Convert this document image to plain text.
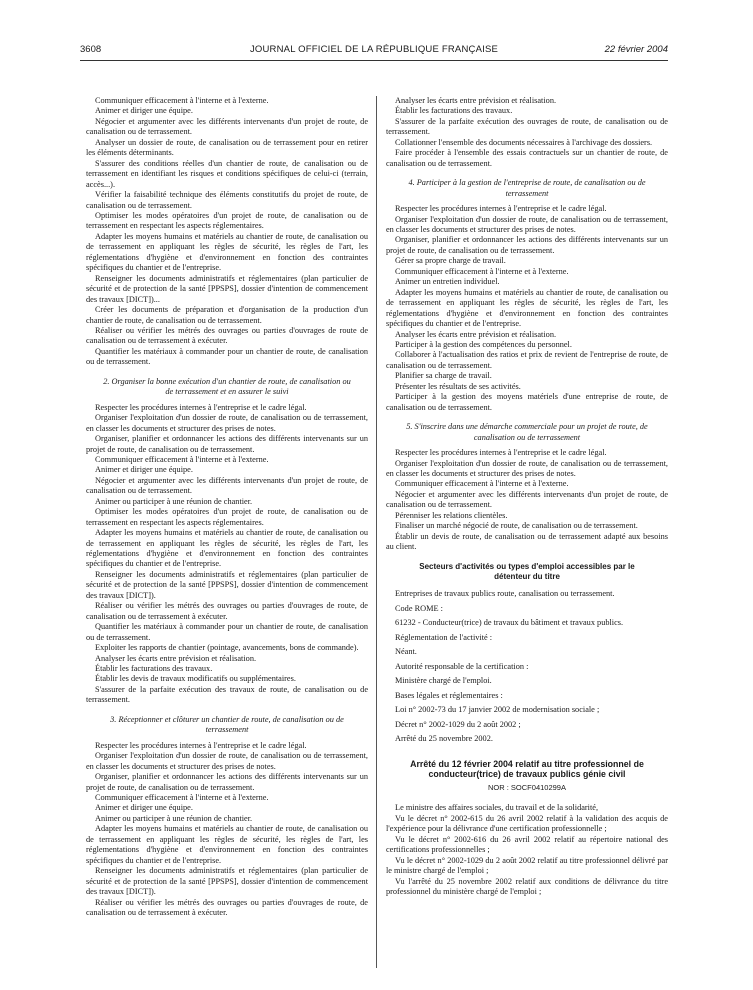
3608	JOURNAL OFFICIEL DE LA RÉPUBLIQUE FRANÇAISE	22 février 2004

Communiquer efficacement à l'interne et à l'externe.

Animer et diriger une équipe.

Négocier et argumenter avec les différents intervenants d'un projet de route, de canalisation ou de terrassement.

Analyser un dossier de route, de canalisation ou de terrassement pour en retirer les éléments déterminants.

S'assurer des conditions réelles d'un chantier de route, de canalisation ou de terrassement en identifiant les risques et conditions spécifiques de celui-ci (terrain, accès...).

Vérifier la faisabilité technique des éléments constitutifs du projet de route, de canalisation ou de terrassement.

Optimiser les modes opératoires d'un projet de route, de canalisation ou de terrassement en respectant les aspects réglementaires.

Adapter les moyens humains et matériels au chantier de route, de canalisation ou de terrassement en appliquant les règles de sécurité, les règles de l'art, les réglementations d'hygiène et d'environnement en fonction des contraintes spécifiques du chantier et de l'entreprise.

Renseigner les documents administratifs et réglementaires (plan particulier de sécurité et de protection de la santé [PPSPS], dossier d'intention de commencement des travaux [DICT])...

Créer les documents de préparation et d'organisation de la production d'un chantier de route, de canalisation ou de terrassement.

Réaliser ou vérifier les métrés des ouvrages ou parties d'ouvrages de route de canalisation ou de terrassement à exécuter.

Quantifier les matériaux à commander pour un chantier de route, de canalisation ou de terrassement.

2. Organiser la bonne exécution d'un chantier de route, de canalisation ou de terrassement et en assurer le suivi

Respecter les procédures internes à l'entreprise et le cadre légal.

Organiser l'exploitation d'un dossier de route, de canalisation ou de terrassement, en classer les documents et structurer des prises de notes.

Organiser, planifier et ordonnancer les actions des différents intervenants sur un projet de route, de canalisation ou de terrassement.

Communiquer efficacement à l'interne et à l'externe.

Animer et diriger une équipe.

Négocier et argumenter avec les différents intervenants d'un projet de route, de canalisation ou de terrassement.

Animer ou participer à une réunion de chantier.

Optimiser les modes opératoires d'un projet de route, de canalisation ou de terrassement en respectant les aspects réglementaires.

Adapter les moyens humains et matériels au chantier de route, de canalisation ou de terrassement en appliquant les règles de sécurité, les règles de l'art, les réglementations d'hygiène et d'environnement en fonction des contraintes spécifiques du chantier et de l'entreprise.

Renseigner les documents administratifs et réglementaires (plan particulier de sécurité et de protection de la santé [PPSPS], dossier d'intention de commencement des travaux [DICT]).

Réaliser ou vérifier les métrés des ouvrages ou parties d'ouvrages de route, de canalisation ou de terrassement à exécuter.

Quantifier les matériaux à commander pour un chantier de route, de canalisation ou de terrassement.

Exploiter les rapports de chantier (pointage, avancements, bons de commande).

Analyser les écarts entre prévision et réalisation.

Établir les facturations des travaux.

Établir les devis de travaux modificatifs ou supplémentaires.

S'assurer de la parfaite exécution des travaux de route, de canalisation ou de terrassement.

3. Réceptionner et clôturer un chantier de route, de canalisation ou de terrassement

Respecter les procédures internes à l'entreprise et le cadre légal.

Organiser l'exploitation d'un dossier de route, de canalisation ou de terrassement, en classer les documents et structurer des prises de notes.

Organiser, planifier et ordonnancer les actions des différents intervenants sur un projet de route, de canalisation ou de terrassement.

Communiquer efficacement à l'interne et à l'externe.

Animer et diriger une équipe.

Animer ou participer à une réunion de chantier.

Adapter les moyens humains et matériels au chantier de route, de canalisation ou de terrassement en appliquant les règles de sécurité, les règles de l'art, les réglementations d'hygiène et d'environnement en fonction des contraintes spécifiques du chantier et de l'entreprise.

Renseigner les documents administratifs et réglementaires (plan particulier de sécurité et de protection de la santé [PPSPS], dossier d'intention de commencement des travaux [DICT]).

Réaliser ou vérifier les métrés des ouvrages ou parties d'ouvrages de route, de canalisation ou de terrassement à exécuter.

Analyser les écarts entre prévision et réalisation.

Établir les facturations des travaux.

S'assurer de la parfaite exécution des ouvrages de route, de canalisation ou de terrassement.

Collationner l'ensemble des documents nécessaires à l'archivage des dossiers.

Faire procéder à l'ensemble des essais contractuels sur un chantier de route, de canalisation ou de terrassement.

4. Participer à la gestion de l'entreprise de route, de canalisation ou de terrassement

Respecter les procédures internes à l'entreprise et le cadre légal.

Organiser l'exploitation d'un dossier de route, de canalisation ou de terrassement, en classer les documents et structurer des prises de notes.

Organiser, planifier et ordonnancer les actions des différents intervenants sur un projet de route, de canalisation ou de terrassement.

Gérer sa propre charge de travail.

Communiquer efficacement à l'interne et à l'externe.

Animer un entretien individuel.

Adapter les moyens humains et matériels au chantier de route, de canalisation ou de terrassement en appliquant les règles de sécurité, les règles de l'art, les réglementations d'hygiène et d'environnement en fonction des contraintes spécifiques du chantier et de l'entreprise.

Analyser les écarts entre prévision et réalisation.

Participer à la gestion des compétences du personnel.

Collaborer à l'actualisation des ratios et prix de revient de l'entreprise de route, de canalisation ou de terrassement.

Planifier sa charge de travail.

Présenter les résultats de ses activités.

Participer à la gestion des moyens matériels d'une entreprise de route, de canalisation ou de terrassement.

5. S'inscrire dans une démarche commerciale pour un projet de route, de canalisation ou de terrassement

Respecter les procédures internes à l'entreprise et le cadre légal.

Organiser l'exploitation d'un dossier de route, de canalisation ou de terrassement, en classer les documents et structurer des prises de notes.

Communiquer efficacement à l'interne et à l'externe.

Négocier et argumenter avec les différents intervenants d'un projet de route, de canalisation ou de terrassement.

Pérenniser les relations clientèles.

Finaliser un marché négocié de route, de canalisation ou de terrassement.

Établir un devis de route, de canalisation ou de terrassement adapté aux besoins au client.

Secteurs d'activités ou types d'emploi accessibles par le détenteur du titre

Entreprises de travaux publics route, canalisation ou terrassement.

Code ROME :

61232 - Conducteur(trice) de travaux du bâtiment et travaux publics.

Réglementation de l'activité :

Néant.

Autorité responsable de la certification :

Ministère chargé de l'emploi.

Bases légales et réglementaires :

Loi n° 2002-73 du 17 janvier 2002 de modernisation sociale ;

Décret n° 2002-1029 du 2 août 2002 ;

Arrêté du 25 novembre 2002.

Arrêté du 12 février 2004 relatif au titre professionnel de conducteur(trice) de travaux publics génie civil

NOR : SOCF0410299A

Le ministre des affaires sociales, du travail et de la solidarité,

Vu le décret n° 2002-615 du 26 avril 2002 relatif à la validation des acquis de l'expérience pour la délivrance d'une certification professionnelle ;

Vu le décret n° 2002-616 du 26 avril 2002 relatif au répertoire national des certifications professionnelles ;

Vu le décret n° 2002-1029 du 2 août 2002 relatif au titre professionnel délivré par le ministre chargé de l'emploi ;

Vu l'arrêté du 25 novembre 2002 relatif aux conditions de délivrance du titre professionnel du ministère chargé de l'emploi ;
